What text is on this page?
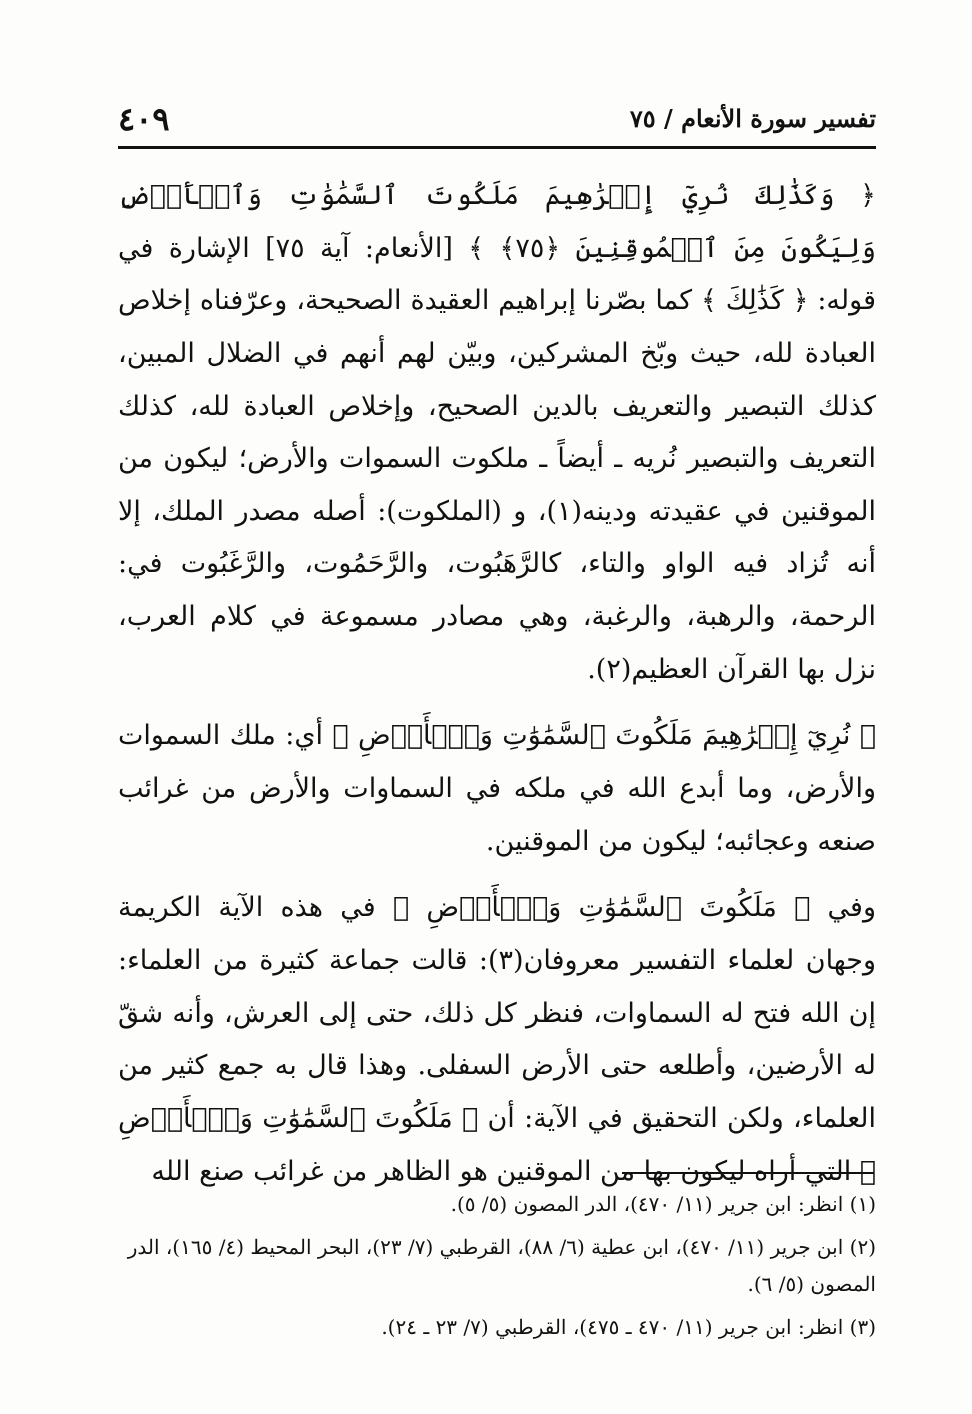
٤٠٩	تفسير سورة الأنعام / ٧٥

﴿ وَكَذَٰلِكَ نُرِيٓ إِبۡرَٰهِيمَ مَلَكُوتَ ٱلسَّمَٰوَٰتِ وَٱلۡأَرۡضِ وَلِيَكُونَ مِنَ ٱلۡمُوقِنِينَ ﴿٧٥﴾ ﴾ [الأنعام: آية ٧٥] الإشارة في قوله: ﴿ كَذَٰلِكَ ﴾ كما بصّرنا إبراهيم العقيدة الصحيحة، وعرّفناه إخلاص العبادة لله، حيث وبّخ المشركين، وبيّن لهم أنهم في الضلال المبين، كذلك التبصير والتعريف بالدين الصحيح، وإخلاص العبادة لله، كذلك التعريف والتبصير نُريه ـ أيضاً ـ ملكوت السموات والأرض؛ ليكون من الموقنين في عقيدته ودينه(١)، و (الملكوت): أصله مصدر الملك، إلا أنه تُزاد فيه الواو والتاء، كالرَّهَبُوت، والرَّحَمُوت، والرَّغَبُوت في: الرحمة، والرهبة، والرغبة، وهي مصادر مسموعة في كلام العرب، نزل بها القرآن العظيم(٢).

﴿ نُرِيٓ إِبۡرَٰهِيمَ مَلَكُوتَ ٱلسَّمَٰوَٰتِ وَٱلۡأَرۡضِ ﴾ أي: ملك السموات والأرض، وما أبدع الله في ملكه في السماوات والأرض من غرائب صنعه وعجائبه؛ ليكون من الموقنين.

وفي ﴿ مَلَكُوتَ ٱلسَّمَٰوَٰتِ وَٱلۡأَرۡضِ ﴾ في هذه الآية الكريمة وجهان لعلماء التفسير معروفان(٣): قالت جماعة كثيرة من العلماء: إن الله فتح له السماوات، فنظر كل ذلك، حتى إلى العرش، وأنه شقّ له الأرضين، وأطلعه حتى الأرض السفلى. وهذا قال به جمع كثير من العلماء، ولكن التحقيق في الآية: أن ﴿ مَلَكُوتَ ٱلسَّمَٰوَٰتِ وَٱلۡأَرۡضِ ﴾ التي أراه ليكون بها من الموقنين هو الظاهر من غرائب صنع الله

(١) انظر: ابن جرير (١١/ ٤٧٠)، الدر المصون (٥/ ٥).

(٢) ابن جرير (١١/ ٤٧٠)، ابن عطية (٦/ ٨٨)، القرطبي (٧/ ٢٣)، البحر المحيط (٤/ ١٦٥)، الدر المصون (٥/ ٦).

(٣) انظر: ابن جرير (١١/ ٤٧٠ ـ ٤٧٥)، القرطبي (٧/ ٢٣ ـ ٢٤).
